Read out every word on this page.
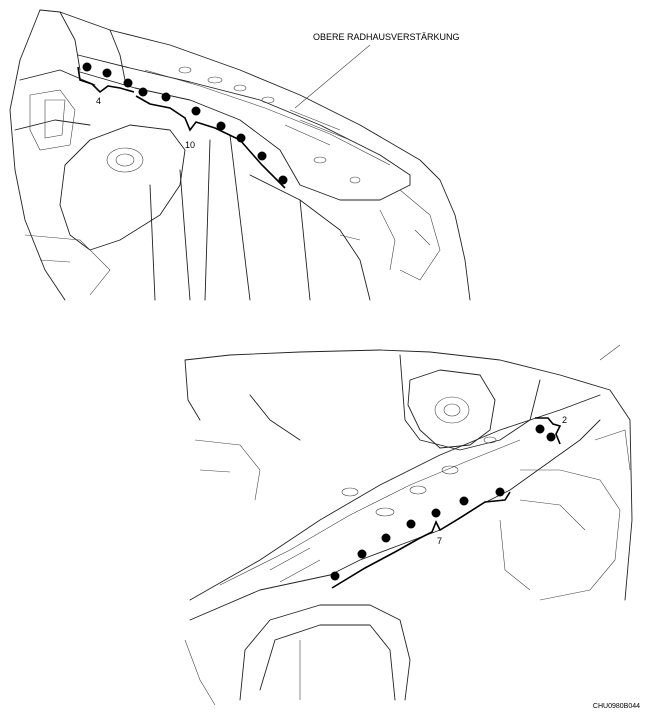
4
10
OBERE RADHAUSVERSTÄRKUNG
2
7
CHU0980B044
